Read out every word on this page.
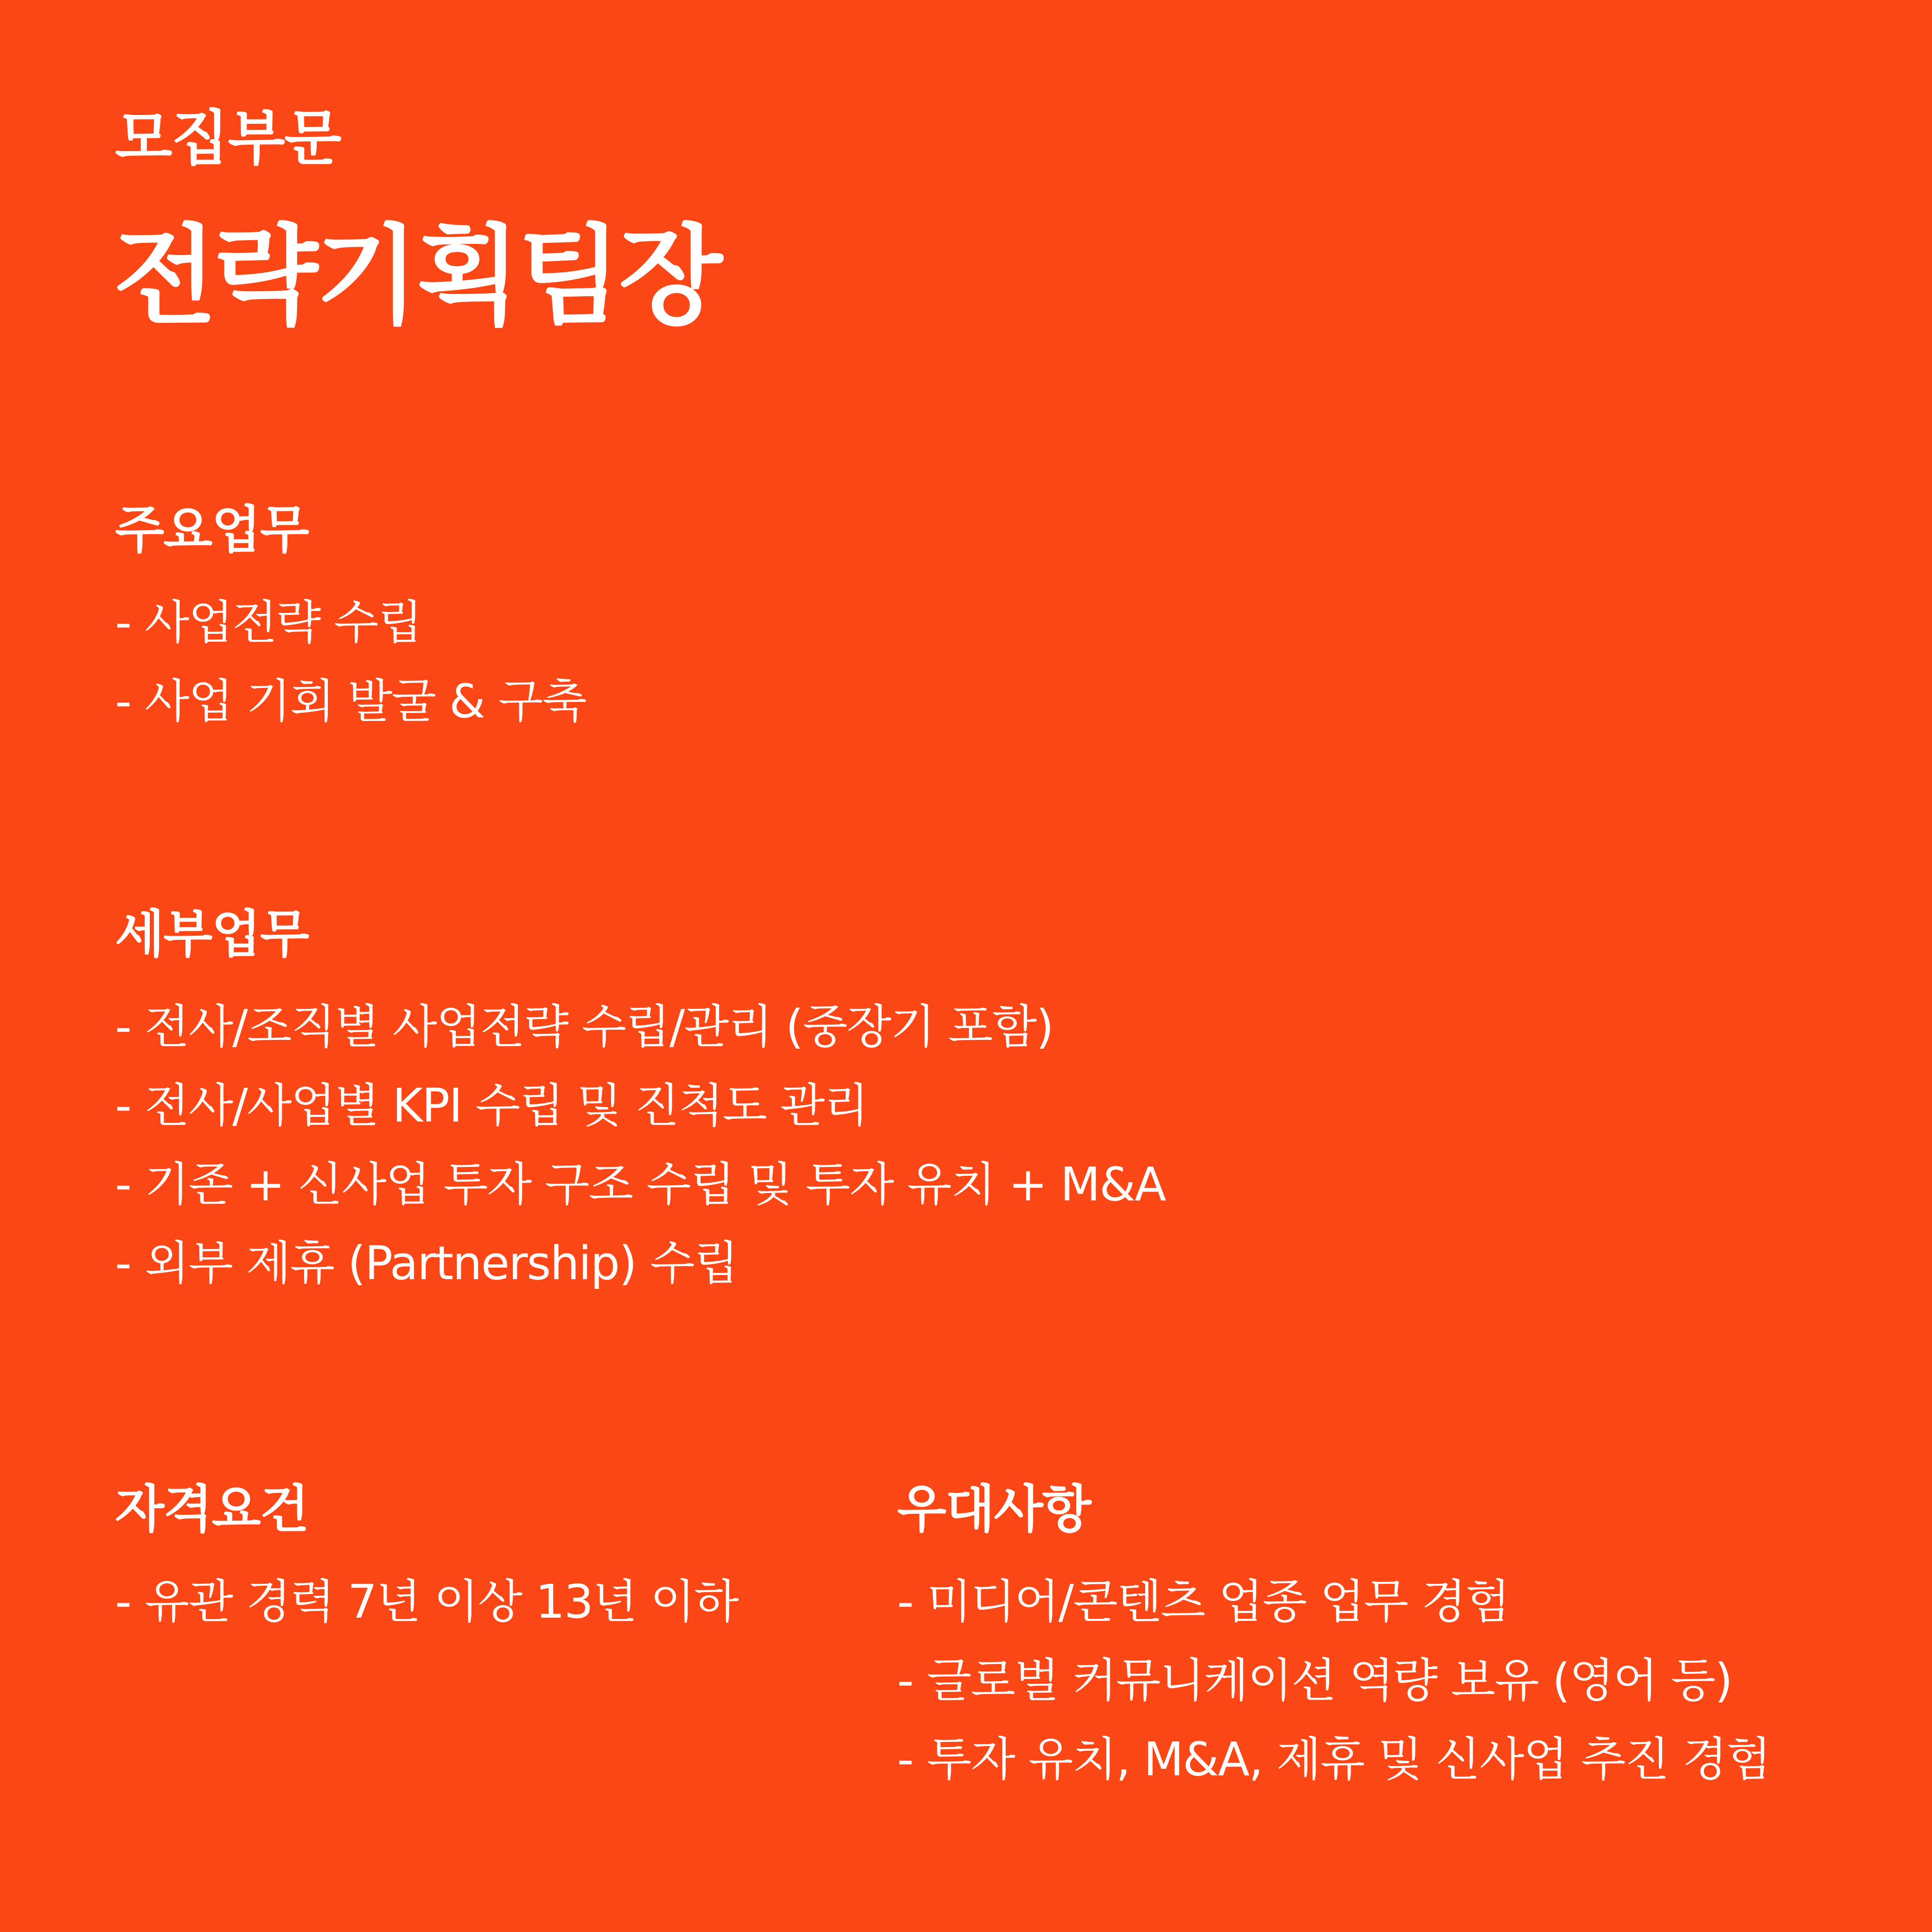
모집부문
전략기획팀장
주요업무
- 사업전략 수립
- 사업 기회 발굴 & 구축
세부업무
- 전사/조직별 사업전략 수립/관리 (중장기 포함)
- 전사/사업별 KPI 수립 및 진척도 관리
- 기존 + 신사업 투자 구조 수립 및 투자 유치 + M&A
- 외부 제휴 (Partnership) 수립
자격요건
- 유관 경력 7년 이상 13년 이하
우대사항
- 미디어/콘텐츠 업종 업무 경험
- 글로벌 커뮤니케이션 역량 보유 (영어 등)
- 투자 유치, M&A, 제휴 및 신사업 추진 경험
